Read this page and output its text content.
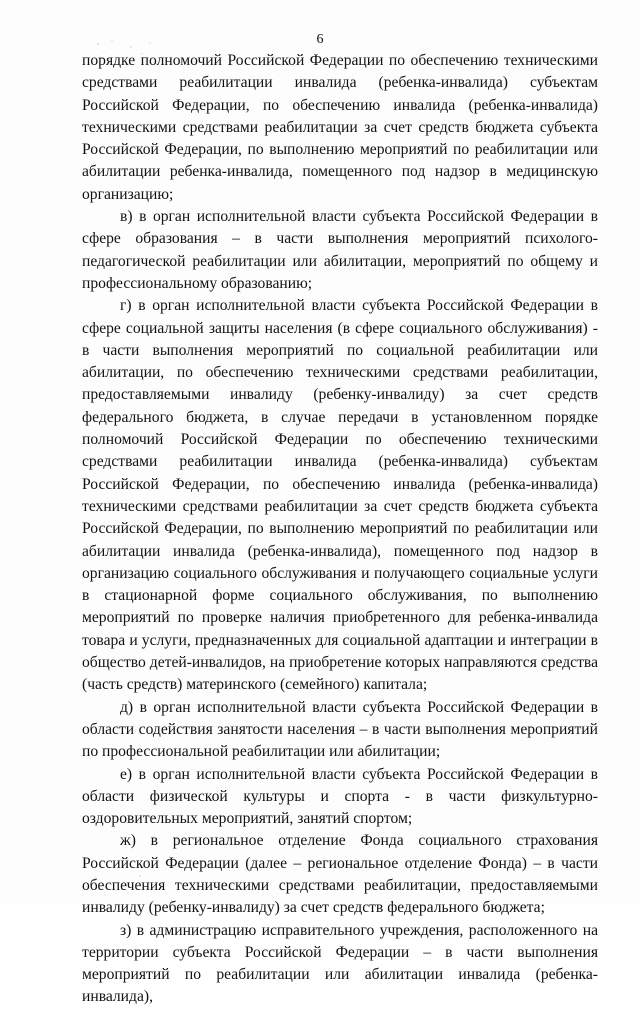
6

порядке полномочий Российской Федерации по обеспечению техническими средствами реабилитации инвалида (ребенка-инвалида) субъектам Российской Федерации, по обеспечению инвалида (ребенка-инвалида) техническими средствами реабилитации за счет средств бюджета субъекта Российской Федерации, по выполнению мероприятий по реабилитации или абилитации ребенка-инвалида, помещенного под надзор в медицинскую организацию;

в) в орган исполнительной власти субъекта Российской Федерации в сфере образования – в части выполнения мероприятий психолого-педагогической реабилитации или абилитации, мероприятий по общему и профессиональному образованию;

г) в орган исполнительной власти субъекта Российской Федерации в сфере социальной защиты населения (в сфере социального обслуживания) - в части выполнения мероприятий по социальной реабилитации или абилитации, по обеспечению техническими средствами реабилитации, предоставляемыми инвалиду (ребенку-инвалиду) за счет средств федерального бюджета, в случае передачи в установленном порядке полномочий Российской Федерации по обеспечению техническими средствами реабилитации инвалида (ребенка-инвалида) субъектам Российской Федерации, по обеспечению инвалида (ребенка-инвалида) техническими средствами реабилитации за счет средств бюджета субъекта Российской Федерации, по выполнению мероприятий по реабилитации или абилитации инвалида (ребенка-инвалида), помещенного под надзор в организацию социального обслуживания и получающего социальные услуги в стационарной форме социального обслуживания, по выполнению мероприятий по проверке наличия приобретенного для ребенка-инвалида товара и услуги, предназначенных для социальной адаптации и интеграции в общество детей-инвалидов, на приобретение которых направляются средства (часть средств) материнского (семейного) капитала;

д) в орган исполнительной власти субъекта Российской Федерации в области содействия занятости населения – в части выполнения мероприятий по профессиональной реабилитации или абилитации;

е) в орган исполнительной власти субъекта Российской Федерации в области физической культуры и спорта - в части физкультурно-оздоровительных мероприятий, занятий спортом;

ж) в региональное отделение Фонда социального страхования Российской Федерации (далее – региональное отделение Фонда) – в части обеспечения техническими средствами реабилитации, предоставляемыми инвалиду (ребенку-инвалиду) за счет средств федерального бюджета;

з) в администрацию исправительного учреждения, расположенного на территории субъекта Российской Федерации – в части выполнения мероприятий по реабилитации или абилитации инвалида (ребенка-инвалида),
